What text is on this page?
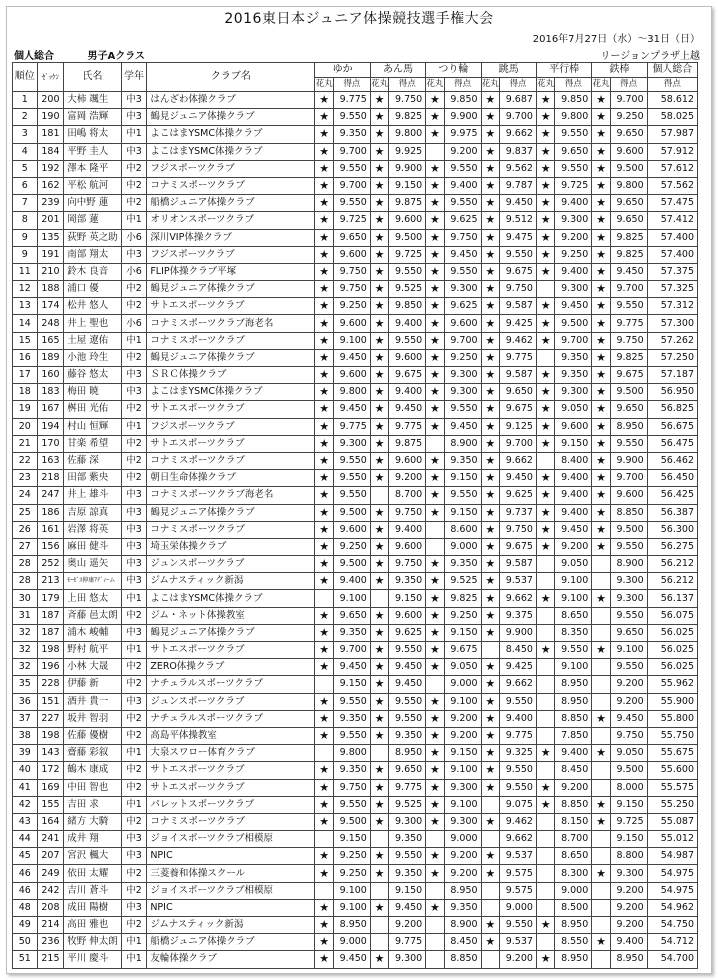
2016東日本ジュニア体操競技選手権大会
2016年7月27日（水）～31日（日）
個人総合	男子Aクラス	リージョンプラザ上越
順位	ｾﾞｯｹﾝ	氏名	学年	クラブ名	ゆか		あん馬		つり輪		跳馬		平行棒		鉄棒		個人総合
					花丸	得点	花丸	得点	花丸	得点	花丸	得点	花丸	得点	花丸	得点	得点
1	200	大柿 颯生	中3	はんざわ体操クラブ	★	9.775	★	9.750	★	9.850	★	9.687	★	9.850	★	9.700	58.612
2	190	富岡 浩輝	中3	鶴見ジュニア体操クラブ	★	9.550	★	9.825	★	9.900	★	9.700	★	9.800	★	9.250	58.025
3	181	田嶋 将太	中1	よこはまYSMC体操クラブ	★	9.350	★	9.800	★	9.975	★	9.662	★	9.550	★	9.650	57.987
4	184	平野 圭人	中3	よこはまYSMC体操クラブ	★	9.700	★	9.925		9.200	★	9.837	★	9.650	★	9.600	57.912
5	192	澤本 隆平	中2	フジスポーツクラブ	★	9.550	★	9.900	★	9.550	★	9.562	★	9.550	★	9.500	57.612
6	162	平松 航河	中2	コナミスポーツクラブ	★	9.700	★	9.150	★	9.400	★	9.787	★	9.725	★	9.800	57.562
7	239	向中野 蓮	中2	船橋ジュニア体操クラブ	★	9.550	★	9.875	★	9.550	★	9.450	★	9.400	★	9.650	57.475
8	201	岡部 蓮	中1	オリオンスポーツクラブ	★	9.725	★	9.600	★	9.625	★	9.512	★	9.300	★	9.650	57.412
9	135	荻野 英之助	小6	深川VIP体操クラブ	★	9.650	★	9.500	★	9.750	★	9.475	★	9.200	★	9.825	57.400
9	191	南部 翔太	中3	フジスポーツクラブ	★	9.600	★	9.725	★	9.450	★	9.550	★	9.250	★	9.825	57.400
11	210	鈴木 良音	小6	FLIP体操クラブ平塚	★	9.750	★	9.550	★	9.550	★	9.675	★	9.400	★	9.450	57.375
12	188	浦口 優	中2	鶴見ジュニア体操クラブ	★	9.750	★	9.525	★	9.300	★	9.750		9.300	★	9.700	57.325
13	174	松井 悠人	中2	サトエスポーツクラブ	★	9.250	★	9.850	★	9.625	★	9.587	★	9.450	★	9.550	57.312
14	248	井上 聖也	小6	コナミスポーツクラブ海老名	★	9.600	★	9.400	★	9.600	★	9.425	★	9.500	★	9.775	57.300
15	165	土屋 遼佑	中1	コナミスポーツクラブ	★	9.100	★	9.550	★	9.700	★	9.462	★	9.700	★	9.750	57.262
16	189	小池 玲生	中2	鶴見ジュニア体操クラブ	★	9.450	★	9.600	★	9.250	★	9.775		9.350	★	9.825	57.250
17	160	藤谷 悠太	中3	ＳＲＣ体操クラブ	★	9.600	★	9.675	★	9.300	★	9.587	★	9.350	★	9.675	57.187
18	183	梅田 暁	中3	よこはまYSMC体操クラブ	★	9.800	★	9.400	★	9.300	★	9.650	★	9.300	★	9.500	56.950
19	167	桝田 光佑	中2	サトエスポーツクラブ	★	9.450	★	9.450	★	9.550	★	9.675	★	9.050	★	9.650	56.825
20	194	村山 恒輝	中1	フジスポーツクラブ	★	9.775	★	9.775	★	9.450	★	9.125	★	9.600	★	8.950	56.675
21	170	甘楽 希望	中2	サトエスポーツクラブ	★	9.300	★	9.875		8.900	★	9.700	★	9.150	★	9.550	56.475
22	163	佐藤 深	中2	コナミスポーツクラブ	★	9.550	★	9.600	★	9.350	★	9.662		8.400	★	9.900	56.462
23	218	田部 紫央	中2	朝日生命体操クラブ	★	9.550	★	9.200	★	9.150	★	9.450	★	9.400	★	9.700	56.450
24	247	井上 雄斗	中3	コナミスポーツクラブ海老名	★	9.550		8.700	★	9.550	★	9.625	★	9.400	★	9.600	56.425
25	186	吉原 諒真	中3	鶴見ジュニア体操クラブ	★	9.500	★	9.750	★	9.150	★	9.737	★	9.400	★	8.850	56.387
26	161	岩澤 将英	中3	コナミスポーツクラブ	★	9.600	★	9.400		8.600	★	9.750	★	9.450	★	9.500	56.300
27	156	麻田 健斗	中3	埼玉栄体操クラブ	★	9.250	★	9.600		9.000	★	9.675	★	9.200	★	9.550	56.275
28	252	奥山 遥矢	中3	ジュンスポーツクラブ	★	9.500	★	9.750	★	9.350	★	9.587		9.050		8.900	56.212
28	213	ﾓｰｾﾞｽ伸康ｱﾃﾞｨｰム	中3	ジムナスティック新潟	★	9.400	★	9.350	★	9.525	★	9.537		9.100		9.300	56.212
30	179	上田 悠太	中1	よこはまYSMC体操クラブ		9.100		9.150	★	9.825	★	9.662	★	9.100	★	9.300	56.137
31	187	斉藤 邑太朗	中2	ジム・ネット体操教室	★	9.650	★	9.600	★	9.250	★	9.375		8.650		9.550	56.075
32	187	浦木 峻輔	中3	鶴見ジュニア体操クラブ	★	9.350	★	9.625	★	9.150	★	9.900		8.350		9.650	56.025
32	198	野村 航平	中1	サトエスポーツクラブ	★	9.700	★	9.550	★	9.675		8.450	★	9.550	★	9.100	56.025
32	196	小林 大晟	中2	ZERO体操クラブ	★	9.450	★	9.450	★	9.050	★	9.425		9.100		9.550	56.025
35	228	伊藤 新	中2	ナチュラルスポーツクラブ		9.150	★	9.450		9.000	★	9.662		8.950		9.200	55.962
36	151	酒井 貴一	中3	ジュンスポーツクラブ	★	9.550	★	9.550	★	9.100	★	9.550		8.950		9.200	55.900
37	227	坂井 智羽	中2	ナチュラルスポーツクラブ	★	9.350	★	9.550	★	9.200	★	9.400		8.850	★	9.450	55.800
38	198	佐藤 優樹	中2	高島平体操教室	★	9.550	★	9.350	★	9.200	★	9.775		7.850		9.750	55.750
39	143	齋藤 彩叙	中1	大泉スワロー体育クラブ		9.800		8.950	★	9.150	★	9.325	★	9.400	★	9.050	55.675
40	172	鶴木 康成	中2	サトエスポーツクラブ	★	9.350	★	9.650	★	9.100	★	9.550		8.450		9.500	55.600
41	169	中田 智也	中2	サトエスポーツクラブ	★	9.750	★	9.775	★	9.300	★	9.550	★	9.200		8.000	55.575
42	155	吉田 求	中1	パレットスポーツクラブ	★	9.550	★	9.525	★	9.100		9.075	★	8.850	★	9.150	55.250
43	164	緒方 大騎	中2	コナミスポーツクラブ	★	9.500	★	9.300	★	9.300	★	9.462		8.150	★	9.725	55.087
44	241	成井 翔	中3	ジョイスポーツクラブ相模原		9.150		9.350		9.000		9.662		8.700		9.150	55.012
45	207	宮沢 楓大	中3	NPIC	★	9.250	★	9.550	★	9.200	★	9.537		8.650		8.800	54.987
46	249	依田 太耀	中2	三菱養和体操スクール	★	9.250	★	9.350	★	9.200	★	9.575		8.300	★	9.300	54.975
46	242	吉川 蒼斗	中2	ジョイスポーツクラブ相模原		9.100		9.150		8.950		9.575		9.000		9.200	54.975
48	208	成田 陽樹	中3	NPIC	★	9.100	★	9.450	★	9.350		9.000		8.500		9.200	54.962
49	214	高田 雅也	中2	ジムナスティック新潟	★	8.950		9.200		8.900	★	9.550	★	8.950		9.200	54.750
50	236	牧野 伸太朗	中1	船橋ジュニア体操クラブ	★	9.000		9.775		8.450	★	9.537		8.550	★	9.400	54.712
51	215	平川 慶斗	中1	友輪体操クラブ	★	9.450	★	9.300		8.850		9.200	★	8.950		8.950	54.700
